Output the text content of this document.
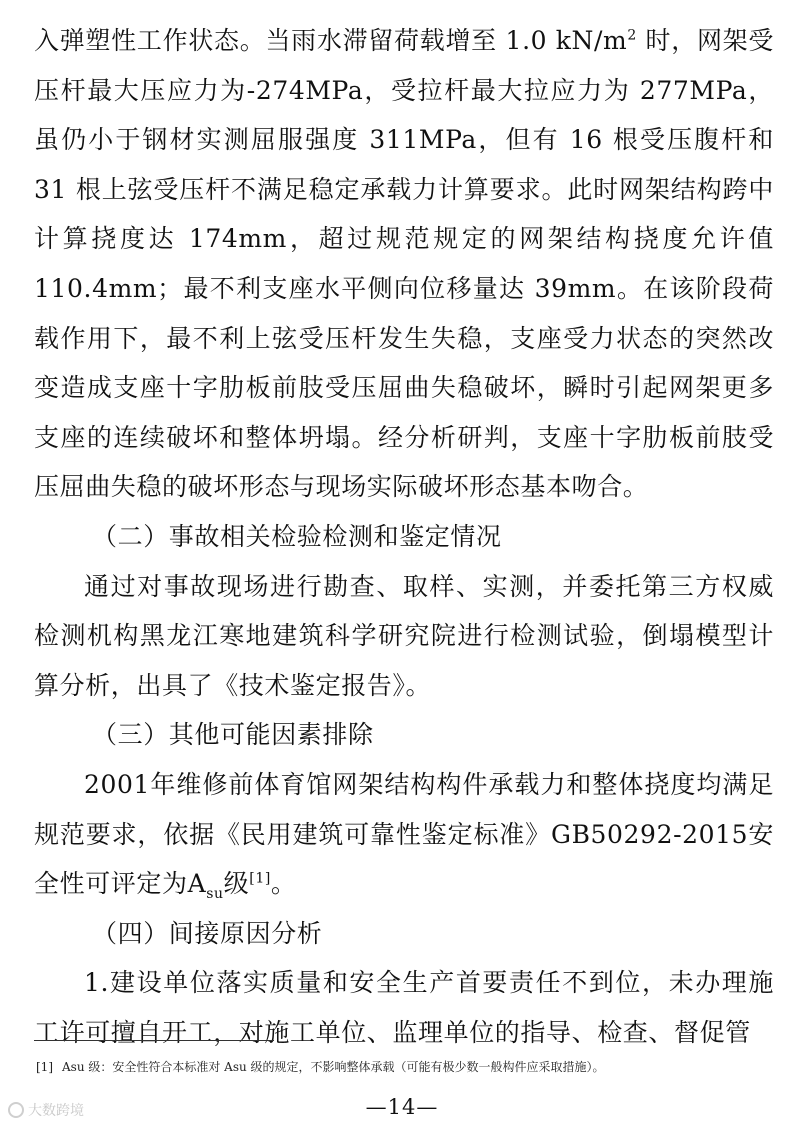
入弹塑性工作状态。当雨水滞留荷载增至 1.0 $kN/m^2$ 时，网架受压杆最大压应力为-274MPa，受拉杆最大拉应力为 277MPa，虽仍小于钢材实测屈服强度 311MPa，但有 16 根受压腹杆和 31 根上弦受压杆不满足稳定承载力计算要求。此时网架结构跨中计算挠度达 174mm，超过规范规定的网架结构挠度允许值 110.4mm；最不利支座水平侧向位移量达 39mm。在该阶段荷载作用下，最不利上弦受压杆发生失稳，支座受力状态的突然改变造成支座十字肋板前肢受压屈曲失稳破坏，瞬时引起网架更多支座的连续破坏和整体坍塌。经分析研判，支座十字肋板前肢受压屈曲失稳的破坏形态与现场实际破坏形态基本吻合。

（二）事故相关检验检测和鉴定情况

通过对事故现场进行勘查、取样、实测，并委托第三方权威检测机构黑龙江寒地建筑科学研究院进行检测试验，倒塌模型计算分析，出具了《技术鉴定报告》。

（三）其他可能因素排除

2001年维修前体育馆网架结构构件承载力和整体挠度均满足规范要求，依据《民用建筑可靠性鉴定标准》GB50292-2015安全性可评定为$A_{su}$级[1]。

（四）间接原因分析

1.建设单位落实质量和安全生产首要责任不到位，未办理施工许可擅自开工，对施工单位、监理单位的指导、检查、督促管

[1] Asu 级：安全性符合本标准对 Asu 级的规定，不影响整体承载（可能有极少数一般构件应采取措施）。
—14—
大数跨境
